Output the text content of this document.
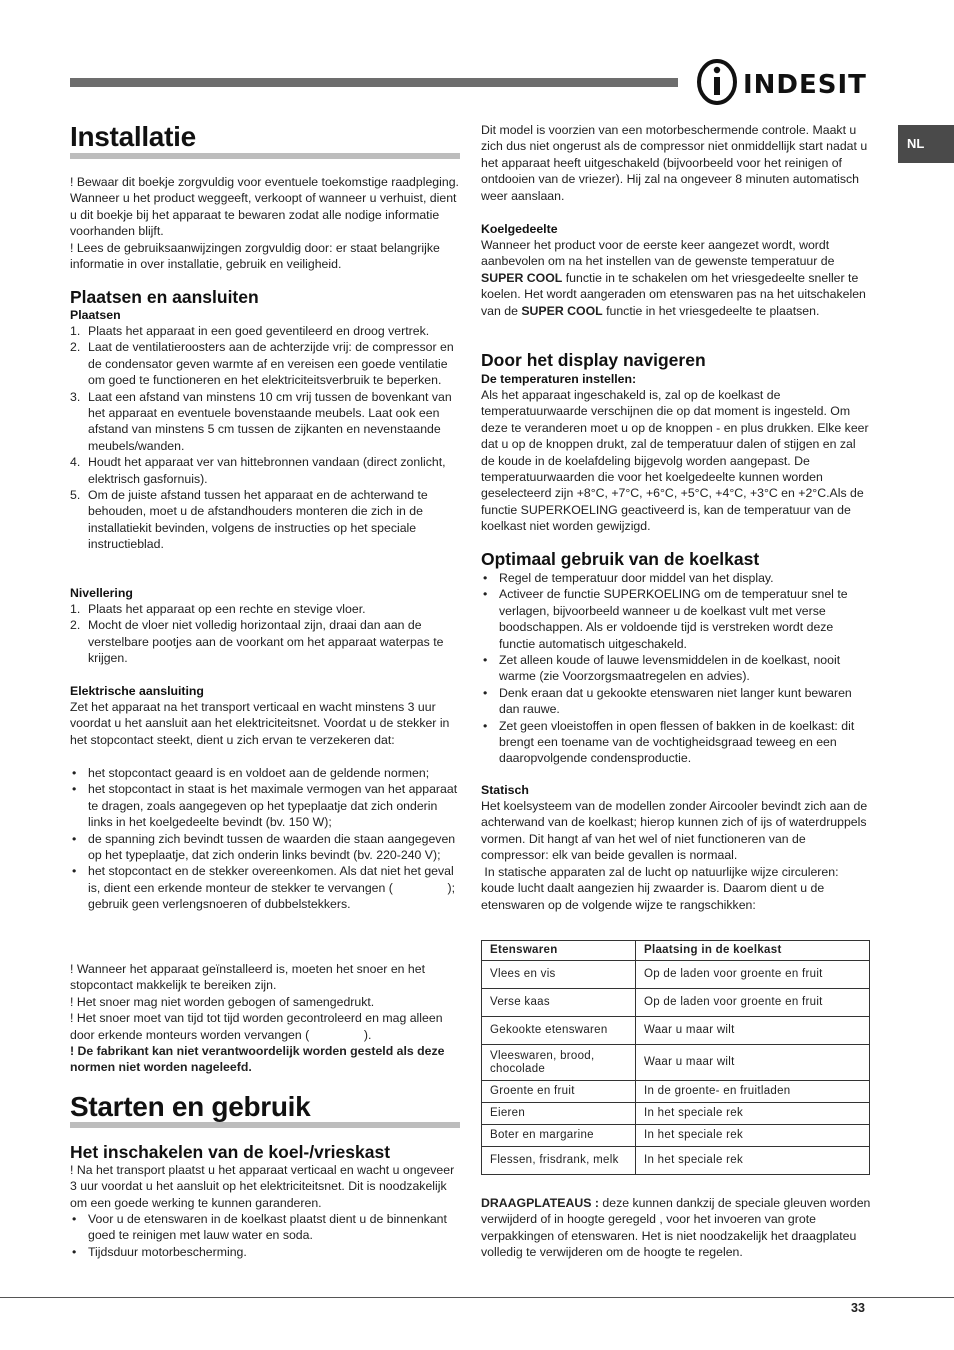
INDESIT
NL
Installatie

! Bewaar dit boekje zorgvuldig voor eventuele toekomstige raadpleging. Wanneer u het product weggeeft, verkoopt of wanneer u verhuist, dient u dit boekje bij het apparaat te bewaren zodat alle nodige informatie voorhanden blijft.

! Lees de gebruiksaanwijzingen zorgvuldig door: er staat belangrijke informatie in over installatie, gebruik en veiligheid.

Plaatsen en aansluiten
Plaatsen
1. Plaats het apparaat in een goed geventileerd en droog vertrek.
2. Laat de ventilatieroosters aan de achterzijde vrij: de compressor en de condensator geven warmte af en vereisen een goede ventilatie om goed te functioneren en het elektriciteitsverbruik te beperken.
3. Laat een afstand van minstens 10 cm vrij tussen de bovenkant van het apparaat en eventuele bovenstaande meubels. Laat ook een afstand van minstens 5 cm tussen de zijkanten en nevenstaande meubels/wanden.
4. Houdt het apparaat ver van hittebronnen vandaan (direct zonlicht, elektrisch gasfornuis).
5. Om de juiste afstand tussen het apparaat en de achterwand te behouden, moet u de afstandhouders monteren die zich in de installatiekit bevinden, volgens de instructies op het speciale instructieblad.
Nivellering
1. Plaats het apparaat op een rechte en stevige vloer.
2. Mocht de vloer niet volledig horizontaal zijn, draai dan aan de verstelbare pootjes aan de voorkant om het apparaat waterpas te krijgen.
Elektrische aansluiting

Zet het apparaat na het transport verticaal en wacht minstens 3 uur voordat u het aansluit aan het elektriciteitsnet. Voordat u de stekker in het stopcontact steekt, dient u zich ervan te verzekeren dat:

• het stopcontact geaard is en voldoet aan de geldende normen;
• het stopcontact in staat is het maximale vermogen van het apparaat te dragen, zoals aangegeven op het typeplaatje dat zich onderin links in het koelgedeelte bevindt (bv. 150 W);
• de spanning zich bevindt tussen de waarden die staan aangegeven op het typeplaatje, dat zich onderin links bevindt (bv. 220-240 V);
• het stopcontact en de stekker overeenkomen. Als dat niet het geval is, dient een erkende monteur de stekker te vervangen (                ); gebruik geen verlengsnoeren of dubbelstekkers.

! Wanneer het apparaat geïnstalleerd is, moeten het snoer en het stopcontact makkelijk te bereiken zijn.

! Het snoer mag niet worden gebogen of samengedrukt.

! Het snoer moet van tijd tot tijd worden gecontroleerd en mag alleen door erkende monteurs worden vervangen (                ).

! De fabrikant kan niet verantwoordelijk worden gesteld als deze normen niet worden nageleefd.

Starten en gebruik
Het inschakelen van de koel-/vrieskast

! Na het transport plaatst u het apparaat verticaal en wacht u ongeveer 3 uur voordat u het aansluit op het elektriciteitsnet. Dit is noodzakelijk om een goede werking te kunnen garanderen.

• Voor u de etenswaren in de koelkast plaatst dient u de binnenkant goed te reinigen met lauw water en soda.
• Tijdsduur motorbescherming.

Dit model is voorzien van een motorbeschermende controle. Maakt u zich dus niet ongerust als de compressor niet onmiddellijk start nadat u het apparaat heeft uitgeschakeld (bijvoorbeeld voor het reinigen of ontdooien van de vriezer). Hij zal na ongeveer 8 minuten automatisch weer aanslaan.

Koelgedeelte

Wanneer het product voor de eerste keer aangezet wordt, wordt aanbevolen om na het instellen van de gewenste temperatuur de SUPER COOL functie in te schakelen om het vriesgedeelte sneller te koelen. Het wordt aangeraden om etenswaren pas na het uitschakelen van de SUPER COOL functie in het vriesgedeelte te plaatsen.

Door het display navigeren
De temperaturen instellen:

Als het apparaat ingeschakeld is, zal op de koelkast de temperatuurwaarde verschijnen die op dat moment is ingesteld. Om deze te veranderen moet u op de knoppen - en plus drukken. Elke keer dat u op de knoppen drukt, zal de temperatuur dalen of stijgen en zal de koude in de koelafdeling bijgevolg worden aangepast. De temperatuurwaarden die voor het koelgedeelte kunnen worden geselecteerd zijn +8°C, +7°C, +6°C, +5°C, +4°C, +3°C en +2°C.Als de functie SUPERKOELING geactiveerd is, kan de temperatuur van de koelkast niet worden gewijzigd.

Optimaal gebruik van de koelkast
• Regel de temperatuur door middel van het display.
• Activeer de functie SUPERKOELING om de temperatuur snel te verlagen, bijvoorbeeld wanneer u de koelkast vult met verse boodschappen. Als er voldoende tijd is verstreken wordt deze functie automatisch uitgeschakeld.
• Zet alleen koude of lauwe levensmiddelen in de koelkast, nooit warme (zie Voorzorgsmaatregelen en advies).
• Denk eraan dat u gekookte etenswaren niet langer kunt bewaren dan rauwe.
• Zet geen vloeistoffen in open flessen of bakken in de koelkast: dit brengt een toename van de vochtigheidsgraad teweeg en een daaropvolgende condensproductie.
Statisch

Het koelsysteem van de modellen zonder Aircooler bevindt zich aan de achterwand van de koelkast; hierop kunnen zich of ijs of waterdruppels vormen. Dit hangt af van het wel of niet functioneren van de compressor: elk van beide gevallen is normaal.

In statische apparaten zal de lucht op natuurlijke wijze circuleren: koude lucht daalt aangezien hij zwaarder is. Daarom dient u de etenswaren op de volgende wijze te rangschikken:

DRAAGPLATEAUS : deze kunnen dankzij de speciale gleuven worden verwijderd of in hoogte geregeld , voor het invoeren van grote verpakkingen of etenswaren. Het is niet noodzakelijk het draagplateu volledig te verwijderen om de hoogte te regelen.

Etenswaren	Plaatsing in de koelkast
Vlees en vis	Op de laden voor groente en fruit
Verse kaas	Op de laden voor groente en fruit
Gekookte etenswaren	Waar u maar wilt
Vleeswaren, brood, chocolade	Waar u maar wilt
Groente en fruit	In de groente- en fruitladen
Eieren	In het speciale rek
Boter en margarine	In het speciale rek
Flessen, frisdrank, melk	In het speciale rek
33
